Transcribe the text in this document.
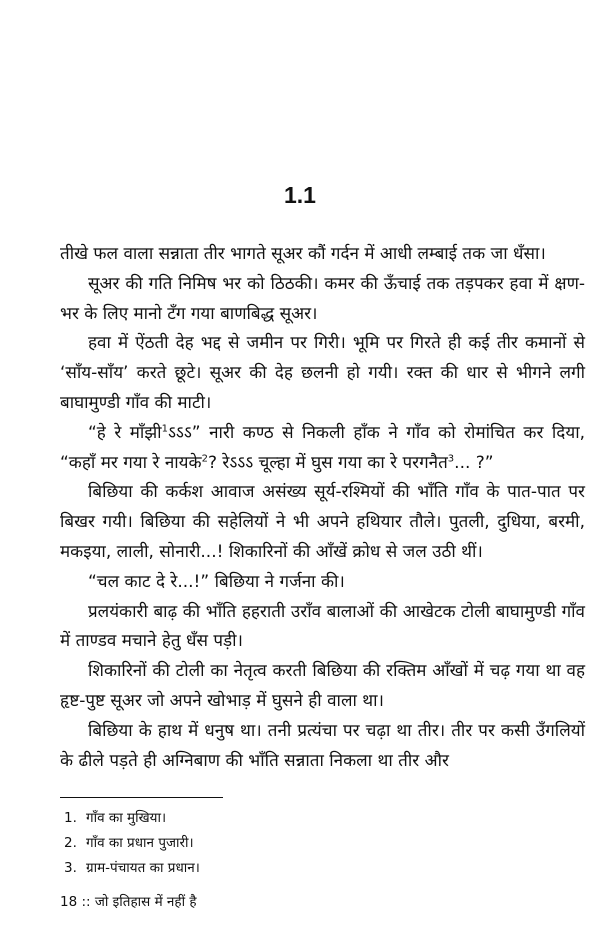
1.1

तीखे फल वाला सन्नाता तीर भागते सूअर कौं गर्दन में आधी लम्बाई तक जा धँसा।

सूअर की गति निमिष भर को ठिठकी। कमर की ऊँचाई तक तड़पकर हवा में क्षण-भर के लिए मानो टँग गया बाणबिद्ध सूअर।

हवा में ऐंठती देह भद्द से जमीन पर गिरी। भूमि पर गिरते ही कई तीर कमानों से ‘साँय-साँय’ करते छूटे। सूअर की देह छलनी हो गयी। रक्त की धार से भीगने लगी बाघामुण्डी गाँव की माटी।

“हे रे माँझी$^1$ऽऽऽ” नारी कण्ठ से निकली हाँक ने गाँव को रोमांचित कर दिया, “कहाँ मर गया रे नायके$^2$? रेऽऽऽ चूल्हा में घुस गया का रे परगनैत$^3$... ?”

बिछिया की कर्कश आवाज असंख्य सूर्य-रश्मियों की भाँति गाँव के पात-पात पर बिखर गयी। बिछिया की सहेलियों ने भी अपने हथियार तौले। पुतली, दुधिया, बरमी, मकइया, लाली, सोनारी...! शिकारिनों की आँखें क्रोध से जल उठी थीं।

“चल काट दे रे...!” बिछिया ने गर्जना की।

प्रलयंकारी बाढ़ की भाँति हहराती उराँव बालाओं की आखेटक टोली बाघामुण्डी गाँव में ताण्डव मचाने हेतु धँस पड़ी।

शिकारिनों की टोली का नेतृत्व करती बिछिया की रक्तिम आँखों में चढ़ गया था वह हृष्ट-पुष्ट सूअर जो अपने खोभाड़ में घुसने ही वाला था।

बिछिया के हाथ में धनुष था। तनी प्रत्यंचा पर चढ़ा था तीर। तीर पर कसी उँगलियों के ढीले पड़ते ही अग्निबाण की भाँति सन्नाता निकला था तीर और

1. गाँव का मुखिया।
2. गाँव का प्रधान पुजारी।
3. ग्राम-पंचायत का प्रधान।
18 :: जो इतिहास में नहीं है
